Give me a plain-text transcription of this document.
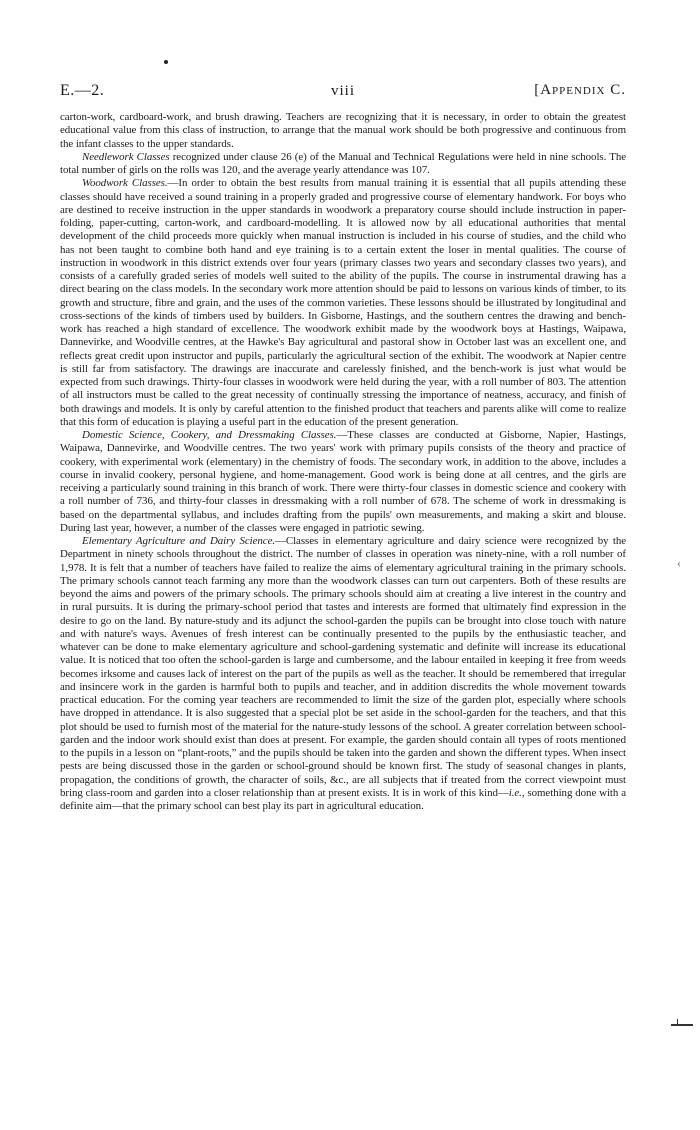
E.—2.	viii	[Appendix C.

carton-work, cardboard-work, and brush drawing. Teachers are recognizing that it is necessary, in order to obtain the greatest educational value from this class of instruction, to arrange that the manual work should be both progressive and continuous from the infant classes to the upper standards.

Needlework Classes recognized under clause 26 (e) of the Manual and Technical Regulations were held in nine schools. The total number of girls on the rolls was 120, and the average yearly attendance was 107.

Woodwork Classes.—In order to obtain the best results from manual training it is essential that all pupils attending these classes should have received a sound training in a properly graded and progressive course of elementary handwork. For boys who are destined to receive instruction in the upper standards in woodwork a preparatory course should include instruction in paper-folding, paper-cutting, carton-work, and cardboard-modelling. It is allowed now by all educational authorities that mental development of the child proceeds more quickly when manual instruction is included in his course of studies, and the child who has not been taught to combine both hand and eye training is to a certain extent the loser in mental qualities. The course of instruction in woodwork in this district extends over four years (primary classes two years and secondary classes two years), and consists of a carefully graded series of models well suited to the ability of the pupils. The course in instrumental drawing has a direct bearing on the class models. In the secondary work more attention should be paid to lessons on various kinds of timber, to its growth and structure, fibre and grain, and the uses of the common varieties. These lessons should be illustrated by longitudinal and cross-sections of the kinds of timbers used by builders. In Gisborne, Hastings, and the southern centres the drawing and bench-work has reached a high standard of excellence. The woodwork exhibit made by the woodwork boys at Hastings, Waipawa, Dannevirke, and Woodville centres, at the Hawke's Bay agricultural and pastoral show in October last was an excellent one, and reflects great credit upon instructor and pupils, particularly the agricultural section of the exhibit. The woodwork at Napier centre is still far from satisfactory. The drawings are inaccurate and carelessly finished, and the bench-work is just what would be expected from such drawings. Thirty-four classes in woodwork were held during the year, with a roll number of 803. The attention of all instructors must be called to the great necessity of continually stressing the importance of neatness, accuracy, and finish of both drawings and models. It is only by careful attention to the finished product that teachers and parents alike will come to realize that this form of education is playing a useful part in the education of the present generation.

Domestic Science, Cookery, and Dressmaking Classes.—These classes are conducted at Gisborne, Napier, Hastings, Waipawa, Dannevirke, and Woodville centres. The two years' work with primary pupils consists of the theory and practice of cookery, with experimental work (elementary) in the chemistry of foods. The secondary work, in addition to the above, includes a course in invalid cookery, personal hygiene, and home-management. Good work is being done at all centres, and the girls are receiving a particularly sound training in this branch of work. There were thirty-four classes in domestic science and cookery with a roll number of 736, and thirty-four classes in dressmaking with a roll number of 678. The scheme of work in dressmaking is based on the departmental syllabus, and includes drafting from the pupils' own measurements, and making a skirt and blouse. During last year, however, a number of the classes were engaged in patriotic sewing.

Elementary Agriculture and Dairy Science.—Classes in elementary agriculture and dairy science were recognized by the Department in ninety schools throughout the district. The number of classes in operation was ninety-nine, with a roll number of 1,978. It is felt that a number of teachers have failed to realize the aims of elementary agricultural training in the primary schools. The primary schools cannot teach farming any more than the woodwork classes can turn out carpenters. Both of these results are beyond the aims and powers of the primary schools. The primary schools should aim at creating a live interest in the country and in rural pursuits. It is during the primary-school period that tastes and interests are formed that ultimately find expression in the desire to go on the land. By nature-study and its adjunct the school-garden the pupils can be brought into close touch with nature and with nature's ways. Avenues of fresh interest can be continually presented to the pupils by the enthusiastic teacher, and whatever can be done to make elementary agriculture and school-gardening systematic and definite will increase its educational value. It is noticed that too often the school-garden is large and cumbersome, and the labour entailed in keeping it free from weeds becomes irksome and causes lack of interest on the part of the pupils as well as the teacher. It should be remembered that irregular and insincere work in the garden is harmful both to pupils and teacher, and in addition discredits the whole movement towards practical education. For the coming year teachers are recommended to limit the size of the garden plot, especially where schools have dropped in attendance. It is also suggested that a special plot be set aside in the school-garden for the teachers, and that this plot should be used to furnish most of the material for the nature-study lessons of the school. A greater correlation between school-garden and the indoor work should exist than does at present. For example, the garden should contain all types of roots mentioned to the pupils in a lesson on “plant-roots,” and the pupils should be taken into the garden and shown the different types. When insect pests are being discussed those in the garden or school-ground should be known first. The study of seasonal changes in plants, propagation, the conditions of growth, the character of soils, &c., are all subjects that if treated from the correct viewpoint must bring class-room and garden into a closer relationship than at present exists. It is in work of this kind—i.e., something done with a definite aim—that the primary school can best play its part in agricultural education.

‹
